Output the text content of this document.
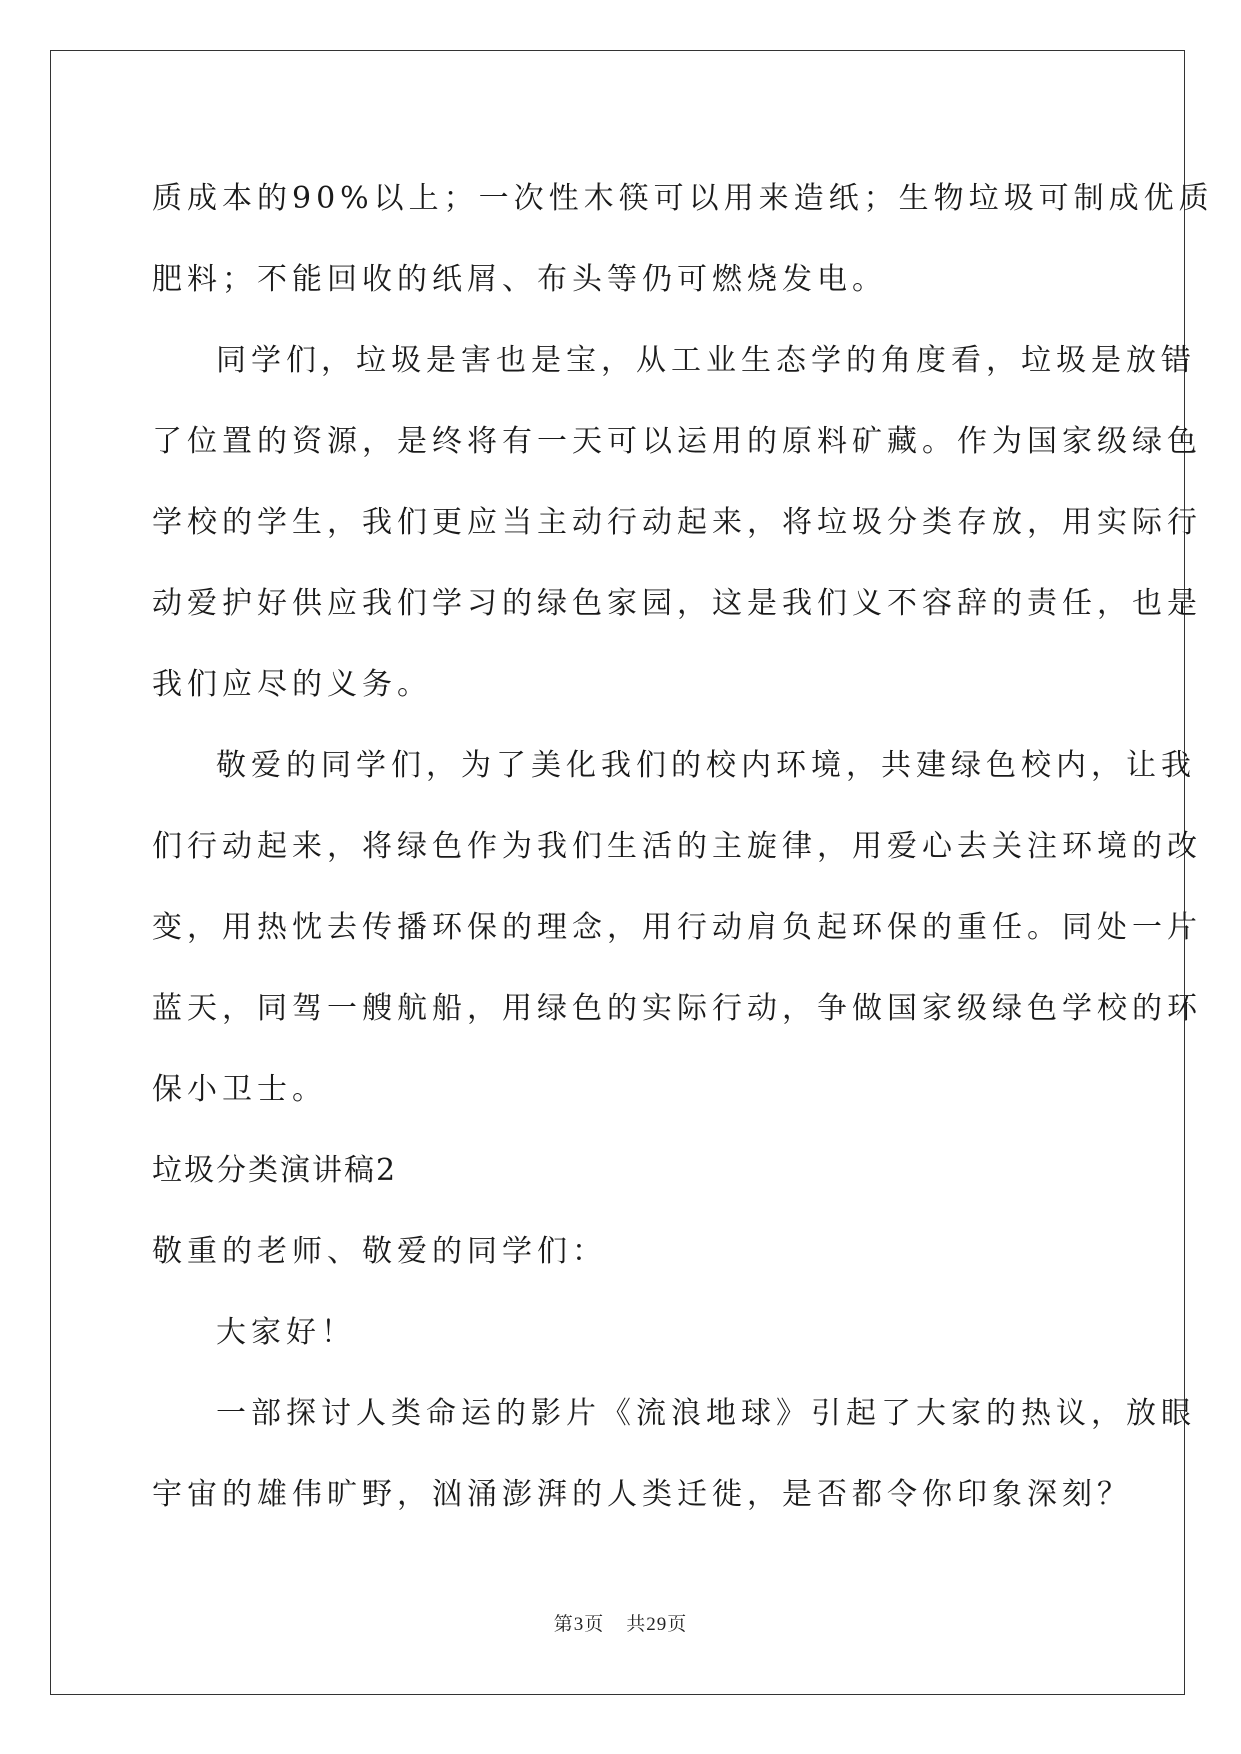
质成本的90%以上；一次性木筷可以用来造纸；生物垃圾可制成优质
肥料；不能回收的纸屑、布头等仍可燃烧发电。
同学们，垃圾是害也是宝，从工业生态学的角度看，垃圾是放错
了位置的资源，是终将有一天可以运用的原料矿藏。作为国家级绿色
学校的学生，我们更应当主动行动起来，将垃圾分类存放，用实际行
动爱护好供应我们学习的绿色家园，这是我们义不容辞的责任，也是
我们应尽的义务。
敬爱的同学们，为了美化我们的校内环境，共建绿色校内，让我
们行动起来，将绿色作为我们生活的主旋律，用爱心去关注环境的改
变，用热忱去传播环保的理念，用行动肩负起环保的重任。同处一片
蓝天，同驾一艘航船，用绿色的实际行动，争做国家级绿色学校的环
保小卫士。
垃圾分类演讲稿2
敬重的老师、敬爱的同学们：
大家好！
一部探讨人类命运的影片《流浪地球》引起了大家的热议，放眼
宇宙的雄伟旷野，汹涌澎湃的人类迁徙，是否都令你印象深刻？
第3页 共29页
